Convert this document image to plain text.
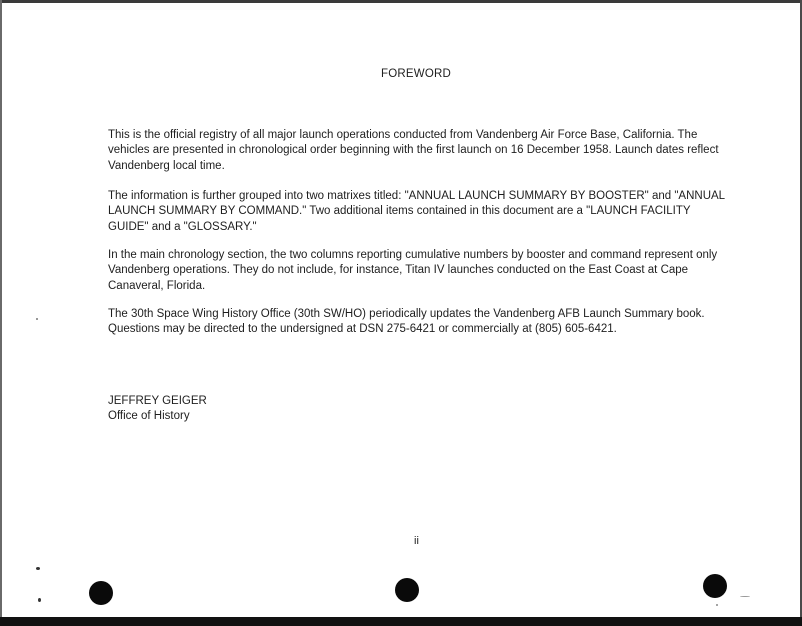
FOREWORD

This is the official registry of all major launch operations conducted from Vandenberg Air Force Base, California. The vehicles are presented in chronological order beginning with the first launch on 16 December 1958. Launch dates reflect Vandenberg local time.

The information is further grouped into two matrixes titled: "ANNUAL LAUNCH SUMMARY BY BOOSTER" and "ANNUAL LAUNCH SUMMARY BY COMMAND." Two additional items contained in this document are a "LAUNCH FACILITY GUIDE" and a "GLOSSARY."

In the main chronology section, the two columns reporting cumulative numbers by booster and command represent only Vandenberg operations. They do not include, for instance, Titan IV launches conducted on the East Coast at Cape Canaveral, Florida.

The 30th Space Wing History Office (30th SW/HO) periodically updates the Vandenberg AFB Launch Summary book. Questions may be directed to the undersigned at DSN 275-6421 or commercially at (805) 605-6421.

JEFFREY GEIGER
Office of History
ii
